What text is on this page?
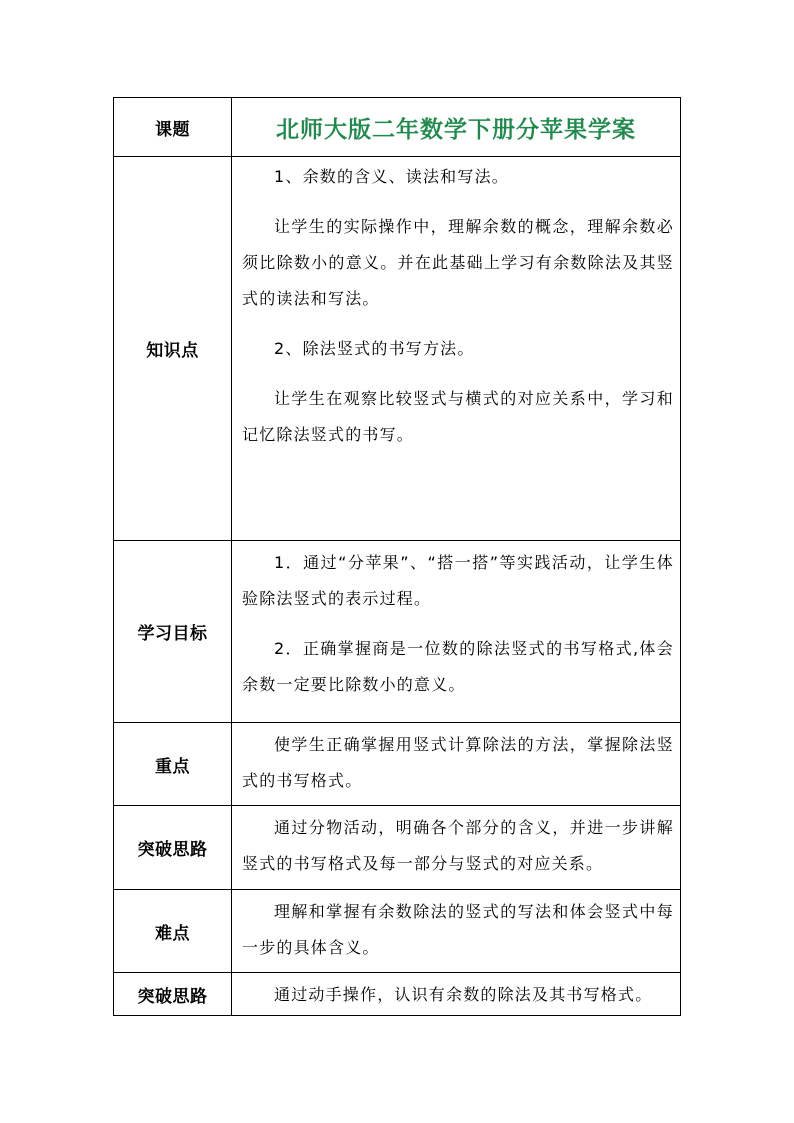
课题	北师大版二年数学下册分苹果学案
知识点	1、余数的含义、读法和写法。

让学生的实际操作中，理解余数的概念，理解余数必须比除数小的意义。并在此基础上学习有余数除法及其竖式的读法和写法。

2、除法竖式的书写方法。

让学生在观察比较竖式与横式的对应关系中，学习和记忆除法竖式的书写。

学习目标	1．通过“分苹果”、“搭一搭”等实践活动，让学生体验除法竖式的表示过程。

2．正确掌握商是一位数的除法竖式的书写格式,体会余数一定要比除数小的意义。

重点	使学生正确掌握用竖式计算除法的方法，掌握除法竖式的书写格式。

突破思路	通过分物活动，明确各个部分的含义，并进一步讲解竖式的书写格式及每一部分与竖式的对应关系。

难点	理解和掌握有余数除法的竖式的写法和体会竖式中每一步的具体含义。

突破思路	通过动手操作，认识有余数的除法及其书写格式。
